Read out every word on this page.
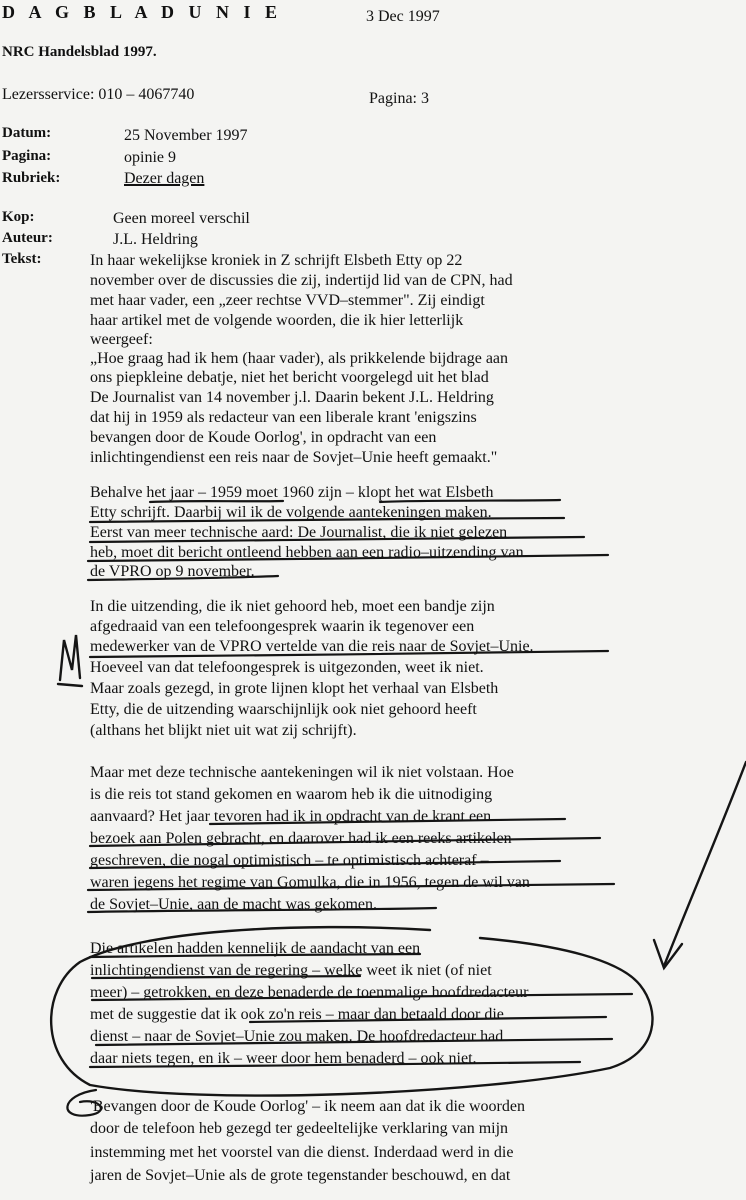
D A G B L A D U N I E	3 Dec 1997
NRC Handelsblad 1997.
Lezersservice: 010 – 4067740	Pagina: 3
Datum:	25 November 1997
Pagina:	opinie 9
Rubriek:	Dezer dagen
Kop:	Geen moreel verschil
Auteur:	J.L. Heldring
Tekst:	In haar wekelijkse kroniek in Z schrijft Elsbeth Etty op 22
november over de discussies die zij, indertijd lid van de CPN, had
met haar vader, een „zeer rechtse VVD–stemmer". Zij eindigt
haar artikel met de volgende woorden, die ik hier letterlijk
weergeef:
„Hoe graag had ik hem (haar vader), als prikkelende bijdrage aan
ons piepkleine debatje, niet het bericht voorgelegd uit het blad
De Journalist van 14 november j.l. Daarin bekent J.L. Heldring
dat hij in 1959 als redacteur van een liberale krant 'enigszins
bevangen door de Koude Oorlog', in opdracht van een
inlichtingendienst een reis naar de Sovjet–Unie heeft gemaakt."
Behalve het jaar – 1959 moet 1960 zijn – klopt het wat Elsbeth
Etty schrijft. Daarbij wil ik de volgende aantekeningen maken.
Eerst van meer technische aard: De Journalist, die ik niet gelezen
heb, moet dit bericht ontleend hebben aan een radio–uitzending van
de VPRO op 9 november.
In die uitzending, die ik niet gehoord heb, moet een bandje zijn
afgedraaid van een telefoongesprek waarin ik tegenover een
medewerker van de VPRO vertelde van die reis naar de Sovjet–Unie.
Hoeveel van dat telefoongesprek is uitgezonden, weet ik niet.
Maar zoals gezegd, in grote lijnen klopt het verhaal van Elsbeth
Etty, die de uitzending waarschijnlijk ook niet gehoord heeft
(althans het blijkt niet uit wat zij schrijft).
Maar met deze technische aantekeningen wil ik niet volstaan. Hoe
is die reis tot stand gekomen en waarom heb ik die uitnodiging
aanvaard? Het jaar tevoren had ik in opdracht van de krant een
bezoek aan Polen gebracht, en daarover had ik een reeks artikelen
geschreven, die nogal optimistisch – te optimistisch achteraf –
waren jegens het regime van Gomulka, die in 1956, tegen de wil van
de Sovjet–Unie, aan de macht was gekomen.
Die artikelen hadden kennelijk de aandacht van een
inlichtingendienst van de regering – welke weet ik niet (of niet
meer) – getrokken, en deze benaderde de toenmalige hoofdredacteur
met de suggestie dat ik ook zo'n reis – maar dan betaald door die
dienst – naar de Sovjet–Unie zou maken. De hoofdredacteur had
daar niets tegen, en ik – weer door hem benaderd – ook niet.
'Bevangen door de Koude Oorlog' – ik neem aan dat ik die woorden
door de telefoon heb gezegd ter gedeeltelijke verklaring van mijn
instemming met het voorstel van die dienst. Inderdaad werd in die
jaren de Sovjet–Unie als de grote tegenstander beschouwd, en dat
